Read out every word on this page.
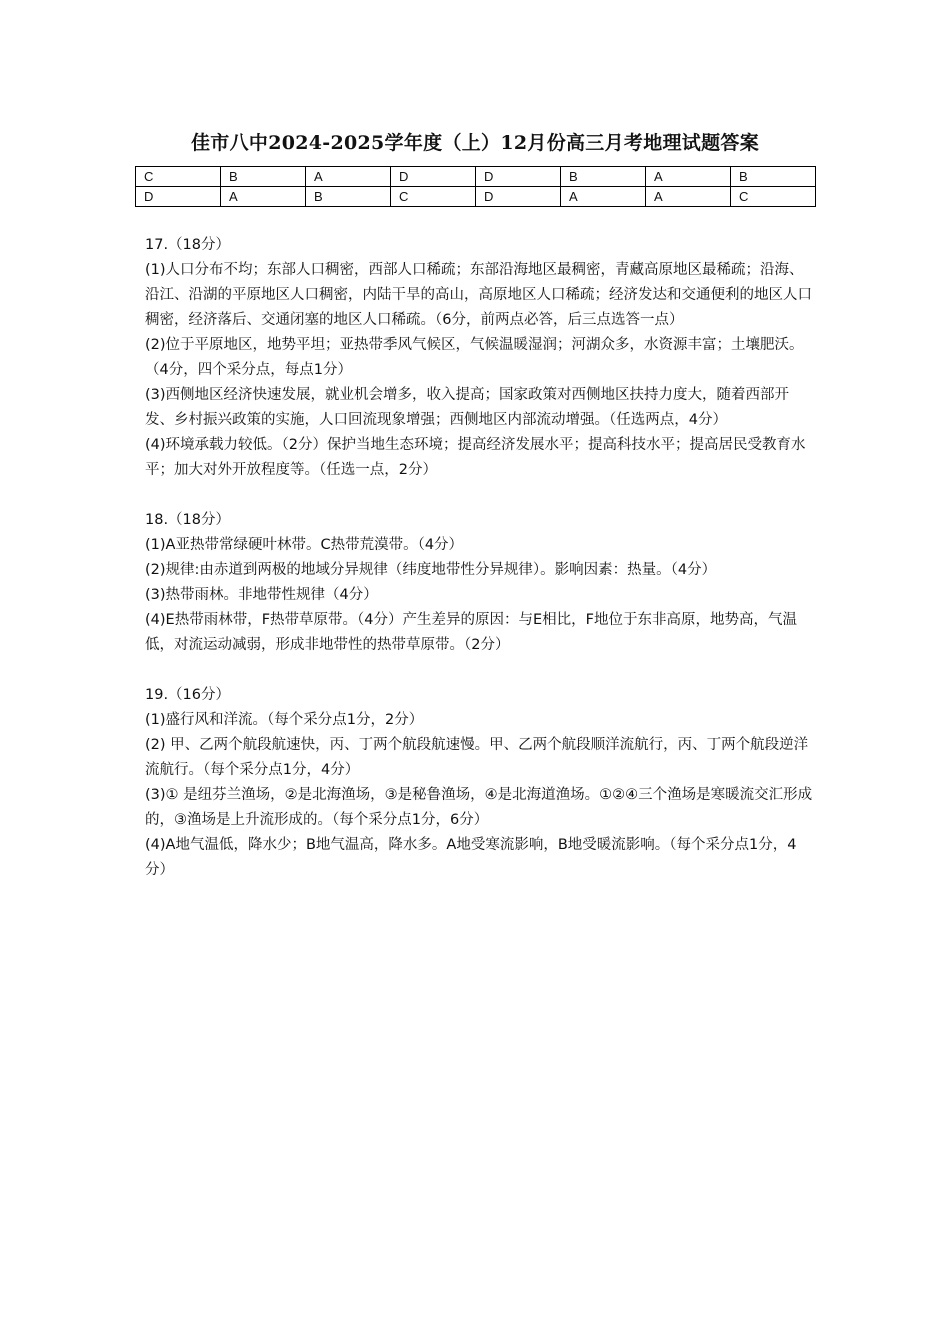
佳市八中2024-2025学年度（上）12月份高三月考地理试题答案
C	B	A	D	D	B	A	B
D	A	B	C	D	A	A	C

17.（18分）

(1)人口分布不均；东部人口稠密，西部人口稀疏；东部沿海地区最稠密，青藏高原地区最稀疏；沿海、沿江、沿湖的平原地区人口稠密，内陆干旱的高山，高原地区人口稀疏；经济发达和交通便利的地区人口稠密，经济落后、交通闭塞的地区人口稀疏。（6分，前两点必答，后三点选答一点）

(2)位于平原地区，地势平坦；亚热带季风气候区，气候温暖湿润；河湖众多，水资源丰富；土壤肥沃。（4分，四个采分点，每点1分）

(3)西侧地区经济快速发展，就业机会增多，收入提高；国家政策对西侧地区扶持力度大，随着西部开发、乡村振兴政策的实施，人口回流现象增强；西侧地区内部流动增强。（任选两点，4分）

(4)环境承载力较低。（2分）保护当地生态环境；提高经济发展水平；提高科技水平；提高居民受教育水平；加大对外开放程度等。（任选一点，2分）

18.（18分）

(1)A亚热带常绿硬叶林带。C热带荒漠带。（4分）

(2)规律:由赤道到两极的地域分异规律（纬度地带性分异规律）。影响因素：热量。（4分）

(3)热带雨林。非地带性规律（4分）

(4)E热带雨林带，F热带草原带。（4分）产生差异的原因：与E相比，F地位于东非高原，地势高，气温低，对流运动减弱，形成非地带性的热带草原带。（2分）

19.（16分）

(1)盛行风和洋流。（每个采分点1分，2分）

(2) 甲、乙两个航段航速快，丙、丁两个航段航速慢。甲、乙两个航段顺洋流航行，丙、丁两个航段逆洋流航行。（每个采分点1分，4分）

(3)① 是纽芬兰渔场，②是北海渔场，③是秘鲁渔场，④是北海道渔场。①②④三个渔场是寒暖流交汇形成的，③渔场是上升流形成的。（每个采分点1分，6分）

(4)A地气温低，降水少；B地气温高，降水多。A地受寒流影响，B地受暖流影响。（每个采分点1分，4分）
